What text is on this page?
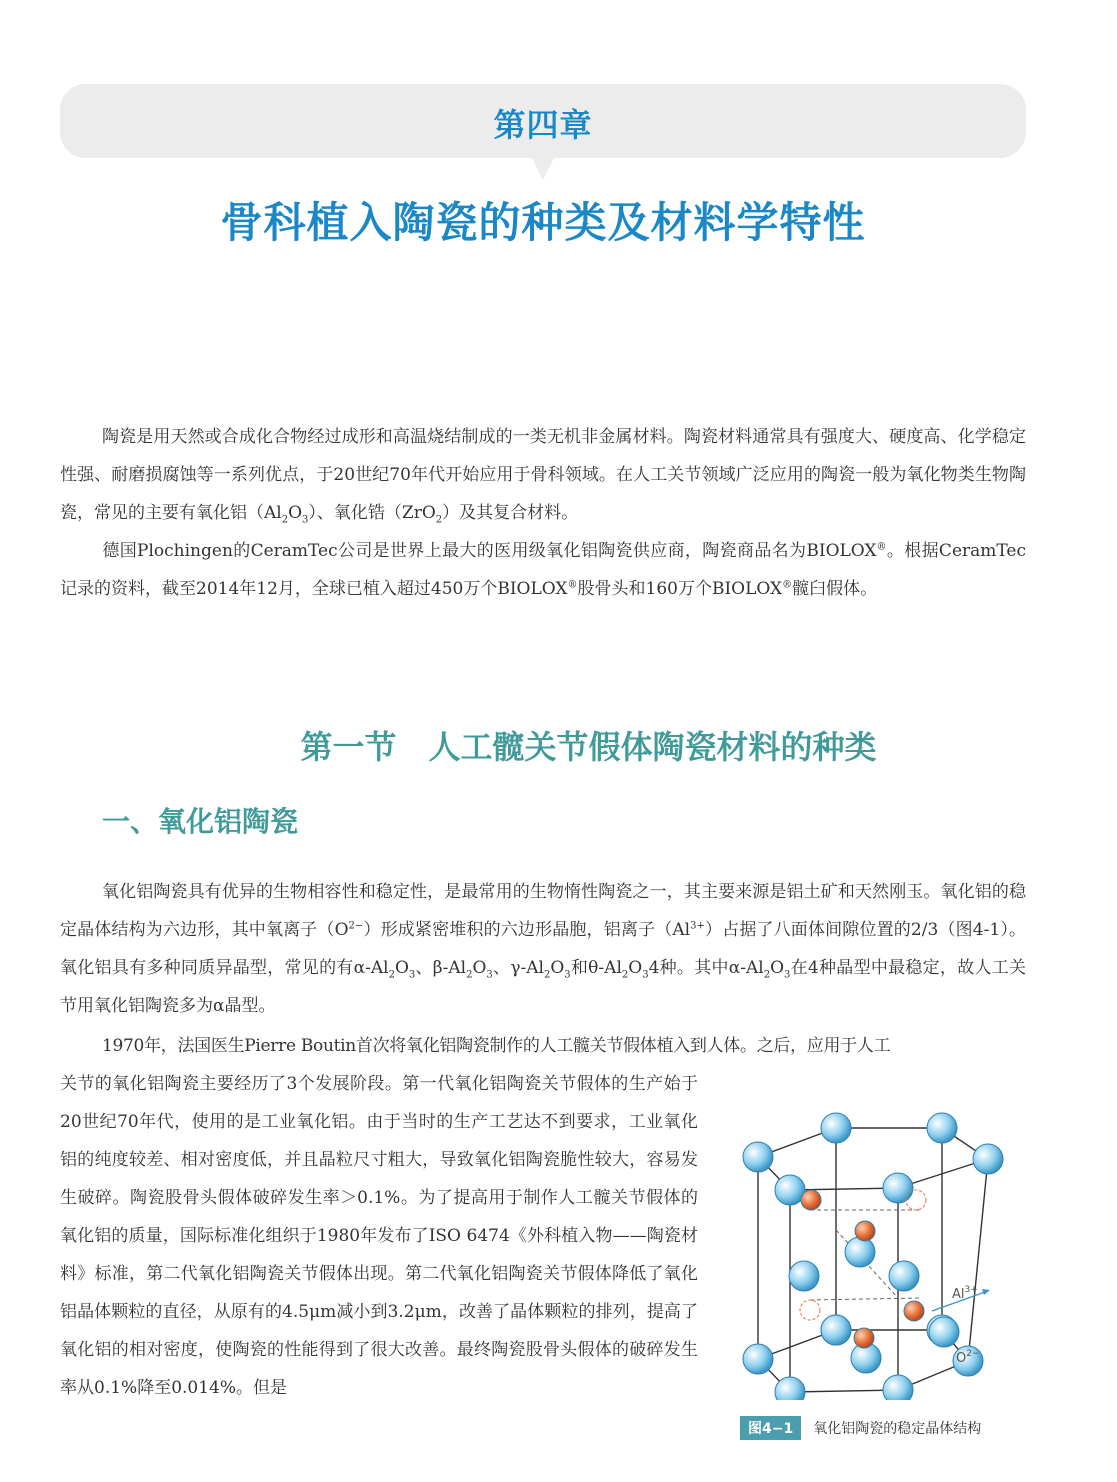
第四章
骨科植入陶瓷的种类及材料学特性

陶瓷是用天然或合成化合物经过成形和高温烧结制成的一类无机非金属材料。陶瓷材料通常具有强度大、硬度高、化学稳定性强、耐磨损腐蚀等一系列优点，于20世纪70年代开始应用于骨科领域。在人工关节领域广泛应用的陶瓷一般为氧化物类生物陶瓷，常见的主要有氧化铝$(Al_2O_3)$、氧化锆（ZrO$_2$）及其复合材料。
德国Plochingen的CeramTec公司是世界上最大的医用级氧化铝陶瓷供应商，陶瓷商品名为BIOLOX®。根据CeramTec记录的资料，截至2014年12月，全球已植入超过450万个BIOLOX®股骨头和160万个BIOLOX®髋臼假体。

第一节 人工髋关节假体陶瓷材料的种类
一、氧化铝陶瓷

氧化铝陶瓷具有优异的生物相容性和稳定性，是最常用的生物惰性陶瓷之一，其主要来源是铝土矿和天然刚玉。氧化铝的稳定晶体结构为六边形，其中氧离子$(O^{2-})$形成紧密堆积的六边形晶胞，铝离子$(Al^{3+})$占据了八面体间隙位置的2/3（图4-1）。氧化铝具有多种同质异晶型，常见的有$\alpha-Al_2O_3$、$\beta-Al_2O_3$、$\gamma-Al_2O_3$和$\theta-Al_2O_34$种。其中$\alpha-Al_2O_3$在4种晶型中最稳定，故人工关节用氧化铝陶瓷多为α晶型。

1970年，法国医生Pierre Boutin首次将氧化铝陶瓷制作的人工髋关节假体植入到人体。之后，应用于人工

关节的氧化铝陶瓷主要经历了3个发展阶段。第一代氧化铝陶瓷关节假体的生产始于20世纪70年代，使用的是工业氧化铝。由于当时的生产工艺达不到要求，工业氧化铝的纯度较差、相对密度低，并且晶粒尺寸粗大，导致氧化铝陶瓷脆性较大，容易发生破碎。陶瓷股骨头假体破碎发生率＞0.1%。为了提高用于制作人工髋关节假体的氧化铝的质量，国际标准化组织于1980年发布了ISO 6474《外科植入物——陶瓷材料》标准，第二代氧化铝陶瓷关节假体出现。第二代氧化铝陶瓷关节假体降低了氧化铝晶体颗粒的直径，从原有的4.5μm减小到3.2μm，改善了晶体颗粒的排列，提高了氧化铝的相对密度，使陶瓷的性能得到了很大改善。最终陶瓷股骨头假体的破碎发生率从0.1%降至0.014%。但是

$Al^{3+}$
$O^{2-}$
图4−1 氧化铝陶瓷的稳定晶体结构
